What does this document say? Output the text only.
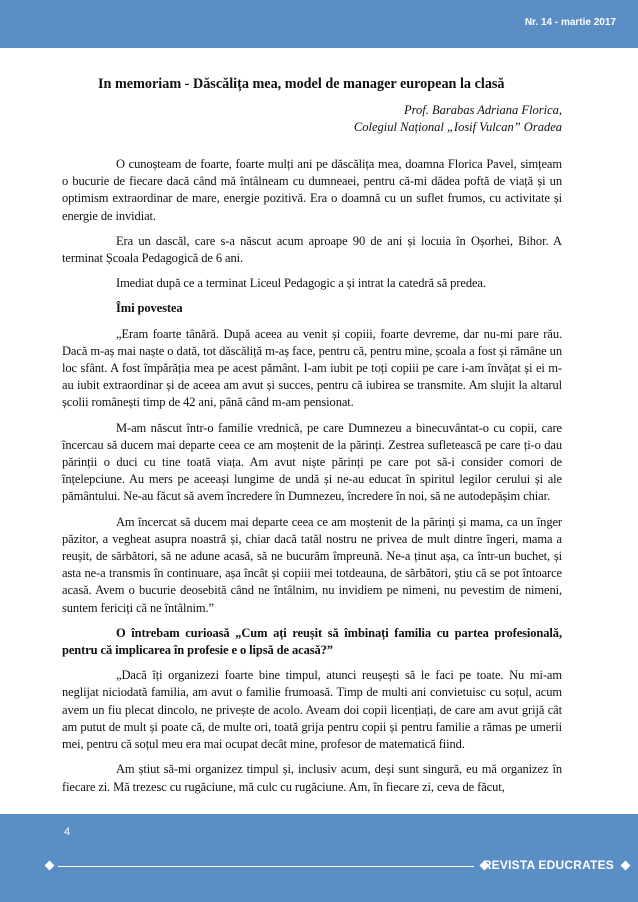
Nr. 14 - martie 2017
In memoriam - Dăscălița mea, model de manager european la clasă
Prof. Barabas Adriana Florica,
Colegiul Național „Iosif Vulcan” Oradea

O cunoșteam de foarte, foarte mulți ani pe dăscălița mea, doamna Florica Pavel, simțeam o bucurie de fiecare dacă când mă întâlneam cu dumneaei, pentru că-mi dădea poftă de viață și un optimism extraordinar de mare, energie pozitivă. Era o doamnă cu un suflet frumos, cu activitate și energie de invidiat.

Era un dascăl, care s-a născut acum aproape 90 de ani și locuia în Oșorhei, Bihor. A terminat Școala Pedagogică de 6 ani.

Imediat după ce a terminat Liceul Pedagogic a și intrat la catedră să predea.

Îmi povestea

„Eram foarte tânără. După aceea au venit și copiii, foarte devreme, dar nu-mi pare rău. Dacă m-aș mai naște o dată, tot dăscăliță m-aș face, pentru că, pentru mine, școala a fost și rămâne un loc sfânt. A fost împărăția mea pe acest pământ. I-am iubit pe toți copiii pe care i-am învățat și ei m-au iubit extraordinar și de aceea am avut și succes, pentru că iubirea se transmite. Am slujit la altarul școlii românești timp de 42 ani, până când m-am pensionat.

M-am născut într-o familie vrednică, pe care Dumnezeu a binecuvântat-o cu copii, care încercau să ducem mai departe ceea ce am moștenit de la părinți. Zestrea sufletească pe care ți-o dau părinții o duci cu tine toată viața. Am avut niște părinți pe care pot să-i consider comori de înțelepciune. Au mers pe aceeași lungime de undă și ne-au educat în spiritul legilor cerului și ale pământului. Ne-au făcut să avem încredere în Dumnezeu, încredere în noi, să ne autodepășim chiar.

Am încercat să ducem mai departe ceea ce am moștenit de la părinți și mama, ca un înger păzitor, a vegheat asupra noastră și, chiar dacă tatăl nostru ne privea de mult dintre îngeri, mama a reușit, de sărbători, să ne adune acasă, să ne bucurăm împreună. Ne-a ținut așa, ca într-un buchet, și asta ne-a transmis în continuare, așa încât și copiii mei totdeauna, de sărbători, știu că se pot întoarce acasă. Avem o bucurie deosebită când ne întâlnim, nu invidiem pe nimeni, nu pevestim de nimeni, suntem fericiți că ne întâlnim.”

O întrebam curioasă „Cum ați reușit să îmbinați familia cu partea profesională, pentru că implicarea în profesie e o lipsă de acasă?”

„Dacă îți organizezi foarte bine timpul, atunci reușești să le faci pe toate. Nu mi-am neglijat niciodată familia, am avut o familie frumoasă. Timp de multi ani convietuisc cu soțul, acum avem un fiu plecat dincolo, ne privește de acolo. Aveam doi copii licențiați, de care am avut grijă cât am putut de mult și poate că, de multe ori, toată grija pentru copii și pentru familie a rămas pe umerii mei, pentru că soțul meu era mai ocupat decât mine, profesor de matematică fiind.

Am știut să-mi organizez timpul și, inclusiv acum, deși sunt singură, eu mă organizez în fiecare zi. Mă trezesc cu rugăciune, mă culc cu rugăciune. Am, în fiecare zi, ceva de făcut,

4
REVISTA EDUCRATES
